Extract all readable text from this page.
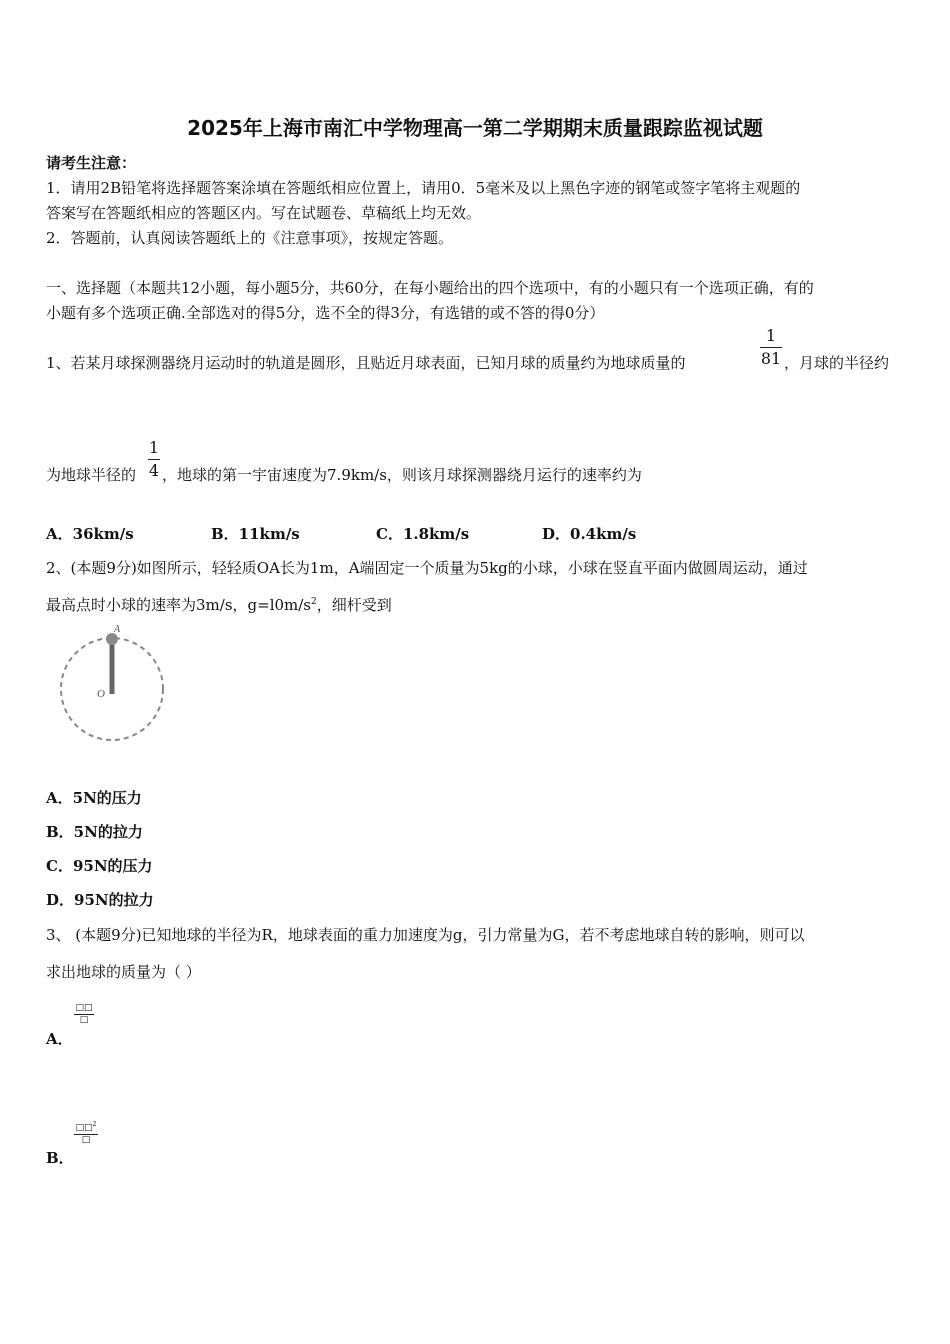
2025年上海市南汇中学物理高一第二学期期末质量跟踪监视试题
请考生注意：
1．请用2B铅笔将选择题答案涂填在答题纸相应位置上，请用0．5毫米及以上黑色字迹的钢笔或签字笔将主观题的
答案写在答题纸相应的答题区内。写在试题卷、草稿纸上均无效。
2．答题前，认真阅读答题纸上的《注意事项》，按规定答题。
一、选择题（本题共12小题，每小题5分，共60分，在每小题给出的四个选项中，有的小题只有一个选项正确，有的
小题有多个选项正确.全部选对的得5分，选不全的得3分，有选错的或不答的得0分）
1、若某月球探测器绕月运动时的轨道是圆形，且贴近月球表面，已知月球的质量约为地球质量的
1
81 ，月球的半径约
为地球半径的
1
4 ，地球的第一宇宙速度为7.9km/s，则该月球探测器绕月运行的速率约为
A．36km/s	B．11km/s	C．1.8km/s	D．0.4km/s
2、(本题9分)如图所示，轻轻质OA长为1m，A端固定一个质量为5kg的小球，小球在竖直平面内做圆周运动，通过
最高点时小球的速率为3m/s，$g=l0m/s^2$，细杆受到
A
O
A．5N的压力
B．5N的拉力
C．95N的压力
D．95N的拉力
3、 (本题9分)已知地球的半径为R，地球表面的重力加速度为g，引力常量为G，若不考虑地球自转的影响，则可以
求出地球的质量为（ ）
□□
□
A．
□□$^2$
□
B．
